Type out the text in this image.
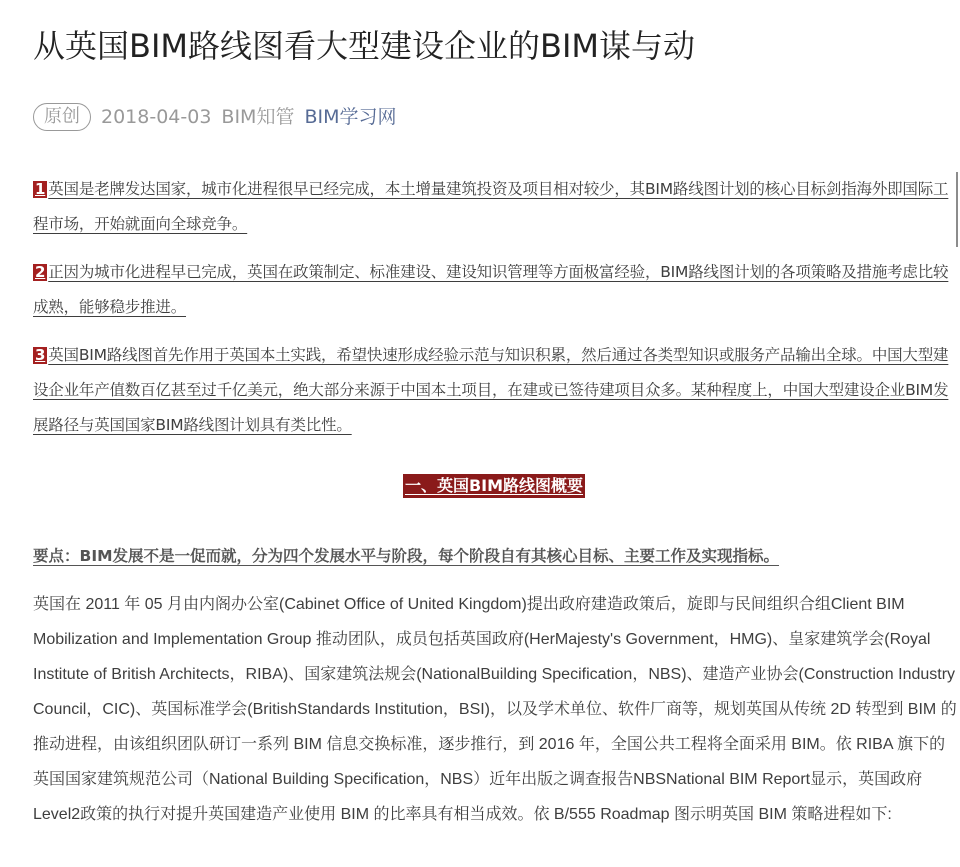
从英国BIM路线图看大型建设企业的BIM谋与动
原创	2018-04-03 BIM知管 BIM学习网

1 英国是老牌发达国家，城市化进程很早已经完成，本土增量建筑投资及项目相对较少，其BIM路线图计划的核心目标剑指海外即国际工程市场，开始就面向全球竞争。

2 正因为城市化进程早已完成，英国在政策制定、标准建设、建设知识管理等方面极富经验，BIM路线图计划的各项策略及措施考虑比较成熟，能够稳步推进。

3 英国BIM路线图首先作用于英国本土实践，希望快速形成经验示范与知识积累，然后通过各类型知识或服务产品输出全球。中国大型建设企业年产值数百亿甚至过千亿美元，绝大部分来源于中国本土项目，在建或已签待建项目众多。某种程度上，中国大型建设企业BIM发展路径与英国国家BIM路线图计划具有类比性。

一、英国BIM路线图概要
要点：BIM发展不是一促而就，分为四个发展水平与阶段，每个阶段自有其核心目标、主要工作及实现指标。

英国在 2011 年 05 月由内阁办公室(Cabinet Office of United Kingdom)提出政府建造政策后，旋即与民间组织合组Client BIM Mobilization and Implementation Group 推动团队，成员包括英国政府(HerMajesty's Government，HMG)、皇家建筑学会(Royal Institute of British Architects，RIBA)、国家建筑法规会(NationalBuilding Specification，NBS)、建造产业协会(Construction Industry Council，CIC)、英国标准学会(BritishStandards Institution，BSI)，以及学术单位、软件厂商等，规划英国从传统 2D 转型到 BIM 的推动进程，由该组织团队研订一系列 BIM 信息交换标准，逐步推行，到 2016 年，全国公共工程将全面采用 BIM。依 RIBA 旗下的英国国家建筑规范公司（National Building Specification，NBS）近年出版之调查报告NBSNational BIM Report显示，英国政府Level2政策的执行对提升英国建造产业使用 BIM 的比率具有相当成效。依 B/555 Roadmap 图示明英国 BIM 策略进程如下:
